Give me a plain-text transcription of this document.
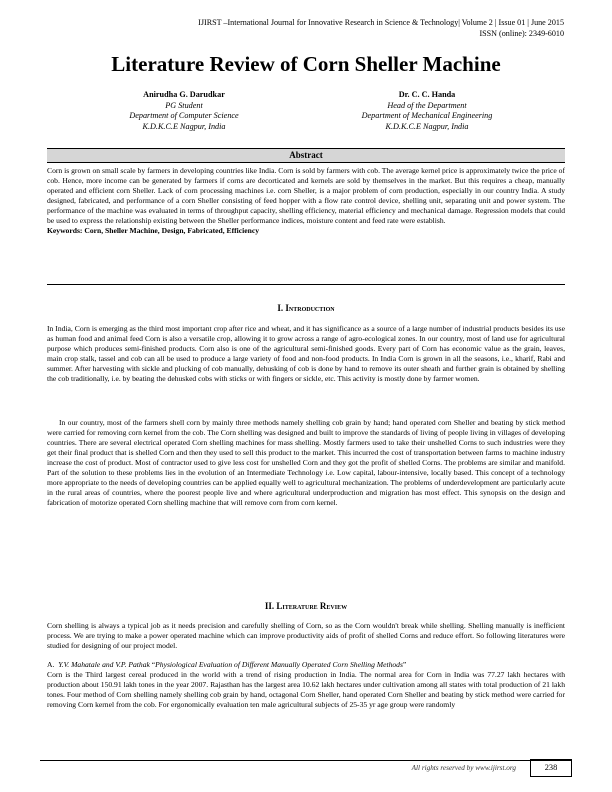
IJIRST –International Journal for Innovative Research in Science & Technology| Volume 2 | Issue 01 | June 2015
ISSN (online): 2349-6010
Literature Review of Corn Sheller Machine
Anirudha G. Darudkar
PG Student
Department of Computer Science
K.D.K.C.E Nagpur, India
Dr. C. C. Handa
Head of the Department
Department of Mechanical Engineering
K.D.K.C.E Nagpur, India
Abstract
Corn is grown on small scale by farmers in developing countries like India. Corn is sold by farmers with cob. The average kernel price is approximately twice the price of cob. Hence, more income can be generated by farmers if corns are decorticated and kernels are sold by themselves in the market. But this requires a cheap, manually operated and efficient corn Sheller. Lack of corn processing machines i.e. corn Sheller, is a major problem of corn production, especially in our country India. A study designed, fabricated, and performance of a corn Sheller consisting of feed hopper with a flow rate control device, shelling unit, separating unit and power system. The performance of the machine was evaluated in terms of throughput capacity, shelling efficiency, material efficiency and mechanical damage. Regression models that could be used to express the relationship existing between the Sheller performance indices, moisture content and feed rate were establish.
Keywords: Corn, Sheller Machine, Design, Fabricated, Efficiency
I. Introduction
In India, Corn is emerging as the third most important crop after rice and wheat, and it has significance as a source of a large number of industrial products besides its use as human food and animal feed Corn is also a versatile crop, allowing it to grow across a range of agro-ecological zones. In our country, most of land use for agricultural purpose which produces semi-finished products. Corn also is one of the agricultural semi-finished goods. Every part of Corn has economic value as the grain, leaves, main crop stalk, tassel and cob can all be used to produce a large variety of food and non-food products. In India Corn is grown in all the seasons, i.e., kharif, Rabi and summer. After harvesting with sickle and plucking of cob manually, dehusking of cob is done by hand to remove its outer sheath and further grain is obtained by shelling the cob traditionally, i.e. by beating the dehusked cobs with sticks or with fingers or sickle, etc. This activity is mostly done by farmer women.
In our country, most of the farmers shell corn by mainly three methods namely shelling cob grain by hand; hand operated corn Sheller and beating by stick method were carried for removing corn kernel from the cob. The Corn shelling was designed and built to improve the standards of living of people living in villages of developing countries. There are several electrical operated Corn shelling machines for mass shelling. Mostly farmers used to take their unshelled Corns to such industries were they get their final product that is shelled Corn and then they used to sell this product to the market. This incurred the cost of transportation between farms to machine industry increase the cost of product. Most of contractor used to give less cost for unshelled Corn and they got the profit of shelled Corns. The problems are similar and manifold. Part of the solution to these problems lies in the evolution of an Intermediate Technology i.e. Low capital, labour-intensive, locally based. This concept of a technology more appropriate to the needs of developing countries can be applied equally well to agricultural mechanization. The problems of underdevelopment are particularly acute in the rural areas of countries, where the poorest people live and where agricultural underproduction and migration has most effect. This synopsis on the design and fabrication of motorize operated Corn shelling machine that will remove corn from corn kernel.
II. Literature Review
Corn shelling is always a typical job as it needs precision and carefully shelling of Corn, so as the Corn wouldn't break while shelling. Shelling manually is inefficient process. We are trying to make a power operated machine which can improve productivity aids of profit of shelled Corns and reduce effort. So following literatures were studied for designing of our project model.
A. Y.V. Mahatale and V.P. Pathak “Physiological Evaluation of Different Manually Operated Corn Shelling Methods”
Corn is the Third largest cereal produced in the world with a trend of rising production in India. The normal area for Corn in India was 77.27 lakh hectares with production about 150.91 lakh tones in the year 2007. Rajasthan has the largest area 10.62 lakh hectares under cultivation among all states with total production of 21 lakh tones. Four method of Corn shelling namely shelling cob grain by hand, octagonal Corn Sheller, hand operated Corn Sheller and beating by stick method were carried for removing Corn kernel from the cob. For ergonomically evaluation ten male agricultural subjects of 25-35 yr age group were randomly
All rights reserved by www.ijirst.org	238
